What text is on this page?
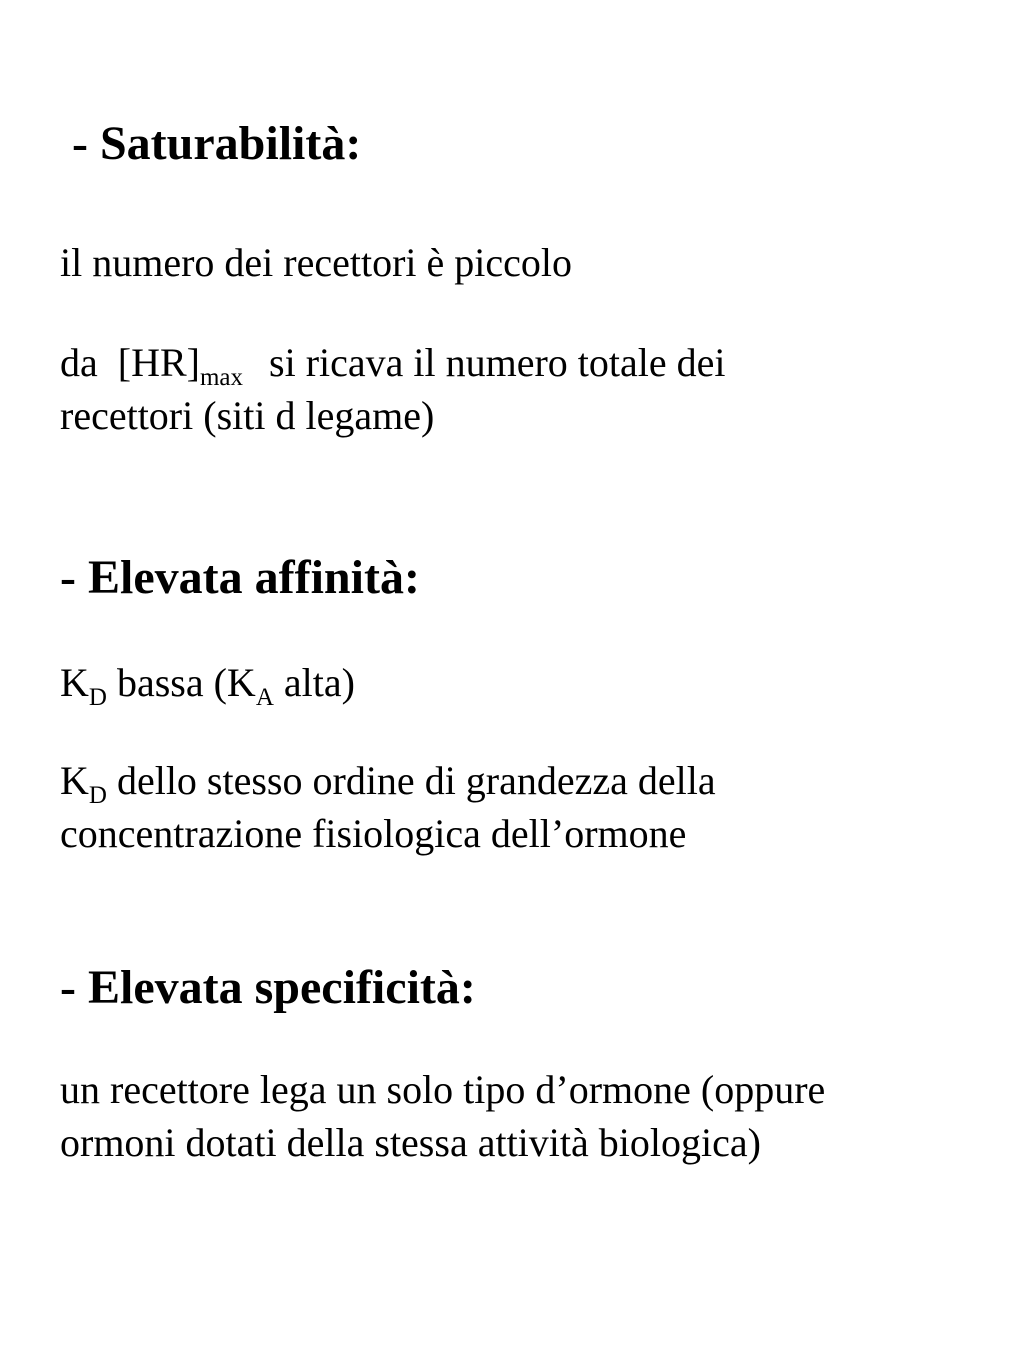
- Saturabilità:

il numero dei recettori è piccolo

da  $[HR]_{max}$ si ricava il numero totale dei
recettori (siti d legame)

- Elevata affinità:

$K_D$ bassa ($K_A$ alta)

$K_D$ dello stesso ordine di grandezza della
concentrazione fisiologica dell’ormone

- Elevata specificità:

un recettore lega un solo tipo d’ormone (oppure
ormoni dotati della stessa attività biologica)
